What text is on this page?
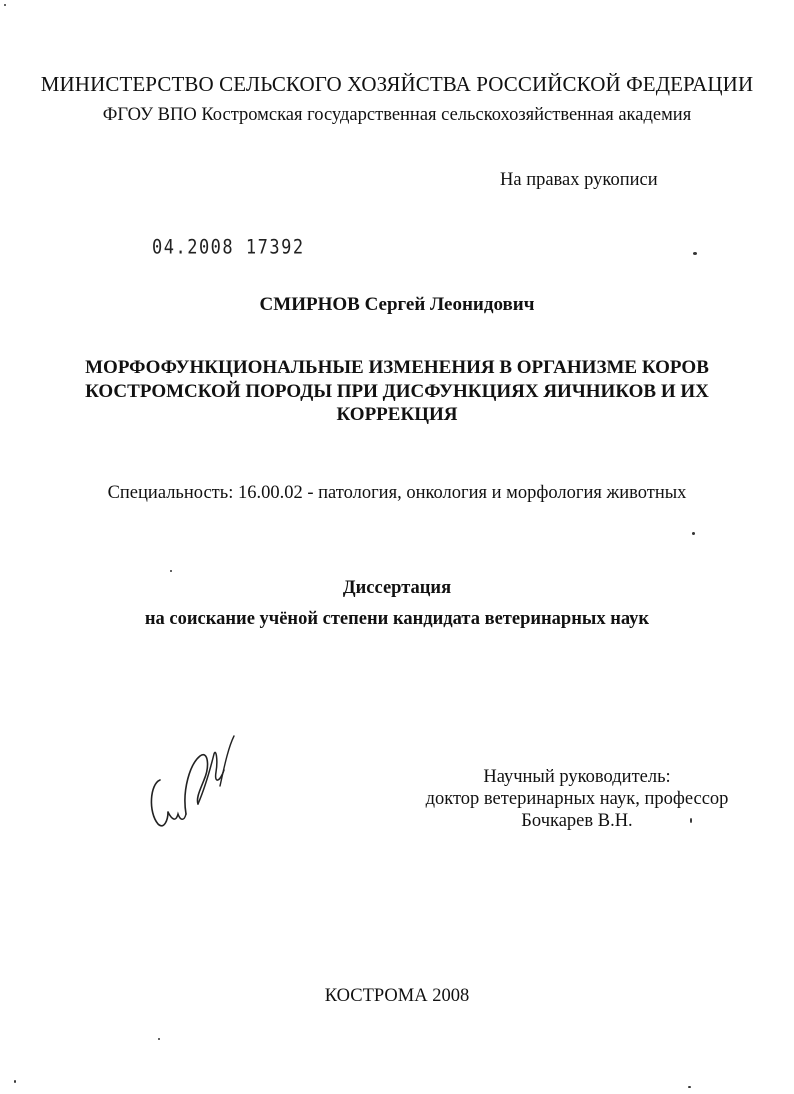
МИНИСТЕРСТВО СЕЛЬСКОГО ХОЗЯЙСТВА РОССИЙСКОЙ ФЕДЕРАЦИИ
ФГОУ ВПО Костромская государственная сельскохозяйственная академия
На правах рукописи
04.2008 17392
СМИРНОВ Сергей Леонидович
МОРФОФУНКЦИОНАЛЬНЫЕ ИЗМЕНЕНИЯ В ОРГАНИЗМЕ КОРОВ
КОСТРОМСКОЙ ПОРОДЫ ПРИ ДИСФУНКЦИЯХ ЯИЧНИКОВ И ИХ
КОРРЕКЦИЯ
Специальность: 16.00.02 - патология, онкология и морфология животных
Диссертация
на соискание учёной степени кандидата ветеринарных наук
Научный руководитель:
доктор ветеринарных наук, профессор
Бочкарев В.Н.
КОСТРОМА 2008
